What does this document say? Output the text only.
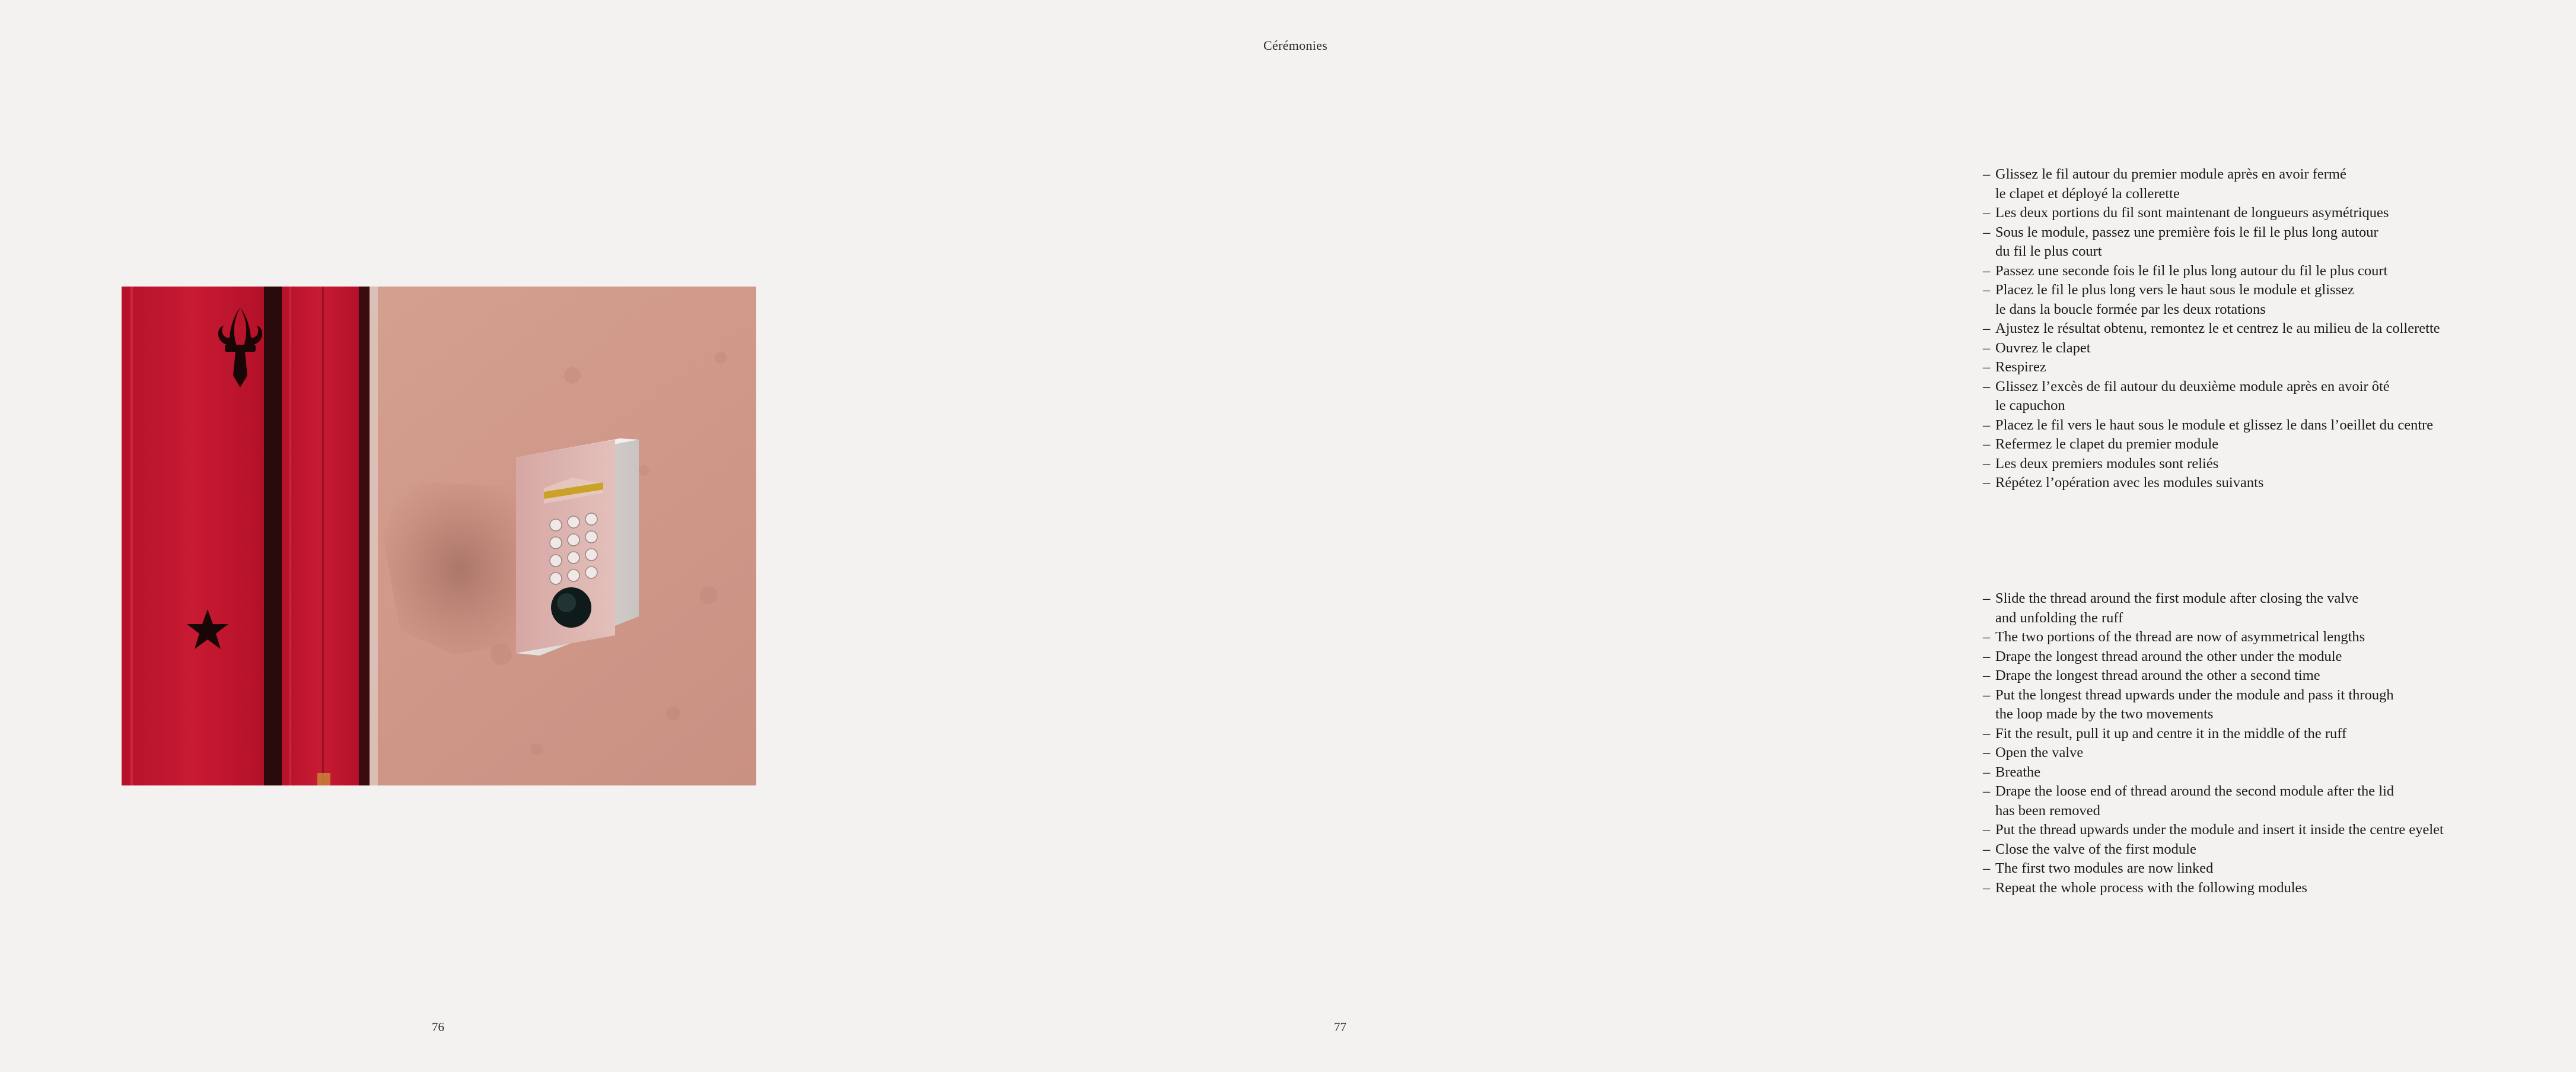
76
Cérémonies
– Glissez le fil autour du premier module après en avoir fermé
le clapet et déployé la collerette
– Les deux portions du fil sont maintenant de longueurs asymétriques
– Sous le module, passez une première fois le fil le plus long autour
du fil le plus court
– Passez une seconde fois le fil le plus long autour du fil le plus court
– Placez le fil le plus long vers le haut sous le module et glissez
le dans la boucle formée par les deux rotations
– Ajustez le résultat obtenu, remontez le et centrez le au milieu de la collerette
– Ouvrez le clapet
– Respirez
– Glissez l’excès de fil autour du deuxième module après en avoir ôté
le capuchon
– Placez le fil vers le haut sous le module et glissez le dans l’oeillet du centre
– Refermez le clapet du premier module
– Les deux premiers modules sont reliés
– Répétez l’opération avec les modules suivants
– Slide the thread around the first module after closing the valve
and unfolding the ruff
– The two portions of the thread are now of asymmetrical lengths
– Drape the longest thread around the other under the module
– Drape the longest thread around the other a second time
– Put the longest thread upwards under the module and pass it through
the loop made by the two movements
– Fit the result, pull it up and centre it in the middle of the ruff
– Open the valve
– Breathe
– Drape the loose end of thread around the second module after the lid
has been removed
– Put the thread upwards under the module and insert it inside the centre eyelet
– Close the valve of the first module
– The first two modules are now linked
– Repeat the whole process with the following modules
77
